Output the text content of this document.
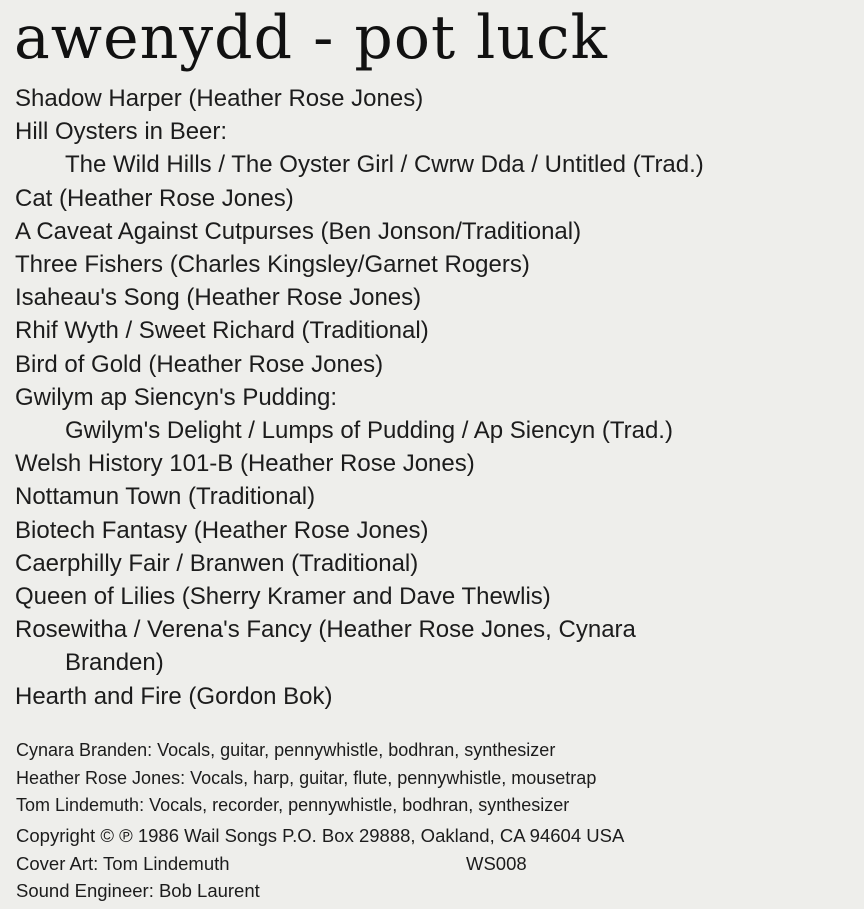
awenydd - pot luck
Shadow Harper (Heather Rose Jones)
Hill Oysters in Beer:
The Wild Hills / The Oyster Girl / Cwrw Dda / Untitled (Trad.)
Cat (Heather Rose Jones)
A Caveat Against Cutpurses (Ben Jonson/Traditional)
Three Fishers (Charles Kingsley/Garnet Rogers)
Isaheau's Song (Heather Rose Jones)
Rhif Wyth / Sweet Richard (Traditional)
Bird of Gold (Heather Rose Jones)
Gwilym ap Siencyn's Pudding:
Gwilym's Delight / Lumps of Pudding / Ap Siencyn (Trad.)
Welsh History 101-B (Heather Rose Jones)
Nottamun Town (Traditional)
Biotech Fantasy (Heather Rose Jones)
Caerphilly Fair / Branwen (Traditional)
Queen of Lilies (Sherry Kramer and Dave Thewlis)
Rosewitha / Verena's Fancy (Heather Rose Jones, Cynara
Branden)
Hearth and Fire (Gordon Bok)
Cynara Branden: Vocals, guitar, pennywhistle, bodhran, synthesizer
Heather Rose Jones: Vocals, harp, guitar, flute, pennywhistle, mousetrap
Tom Lindemuth: Vocals, recorder, pennywhistle, bodhran, synthesizer
Copyright © ℗ 1986 Wail Songs P.O. Box 29888, Oakland, CA 94604 USA
Cover Art: Tom Lindemuth	WS008
Sound Engineer: Bob Laurent
